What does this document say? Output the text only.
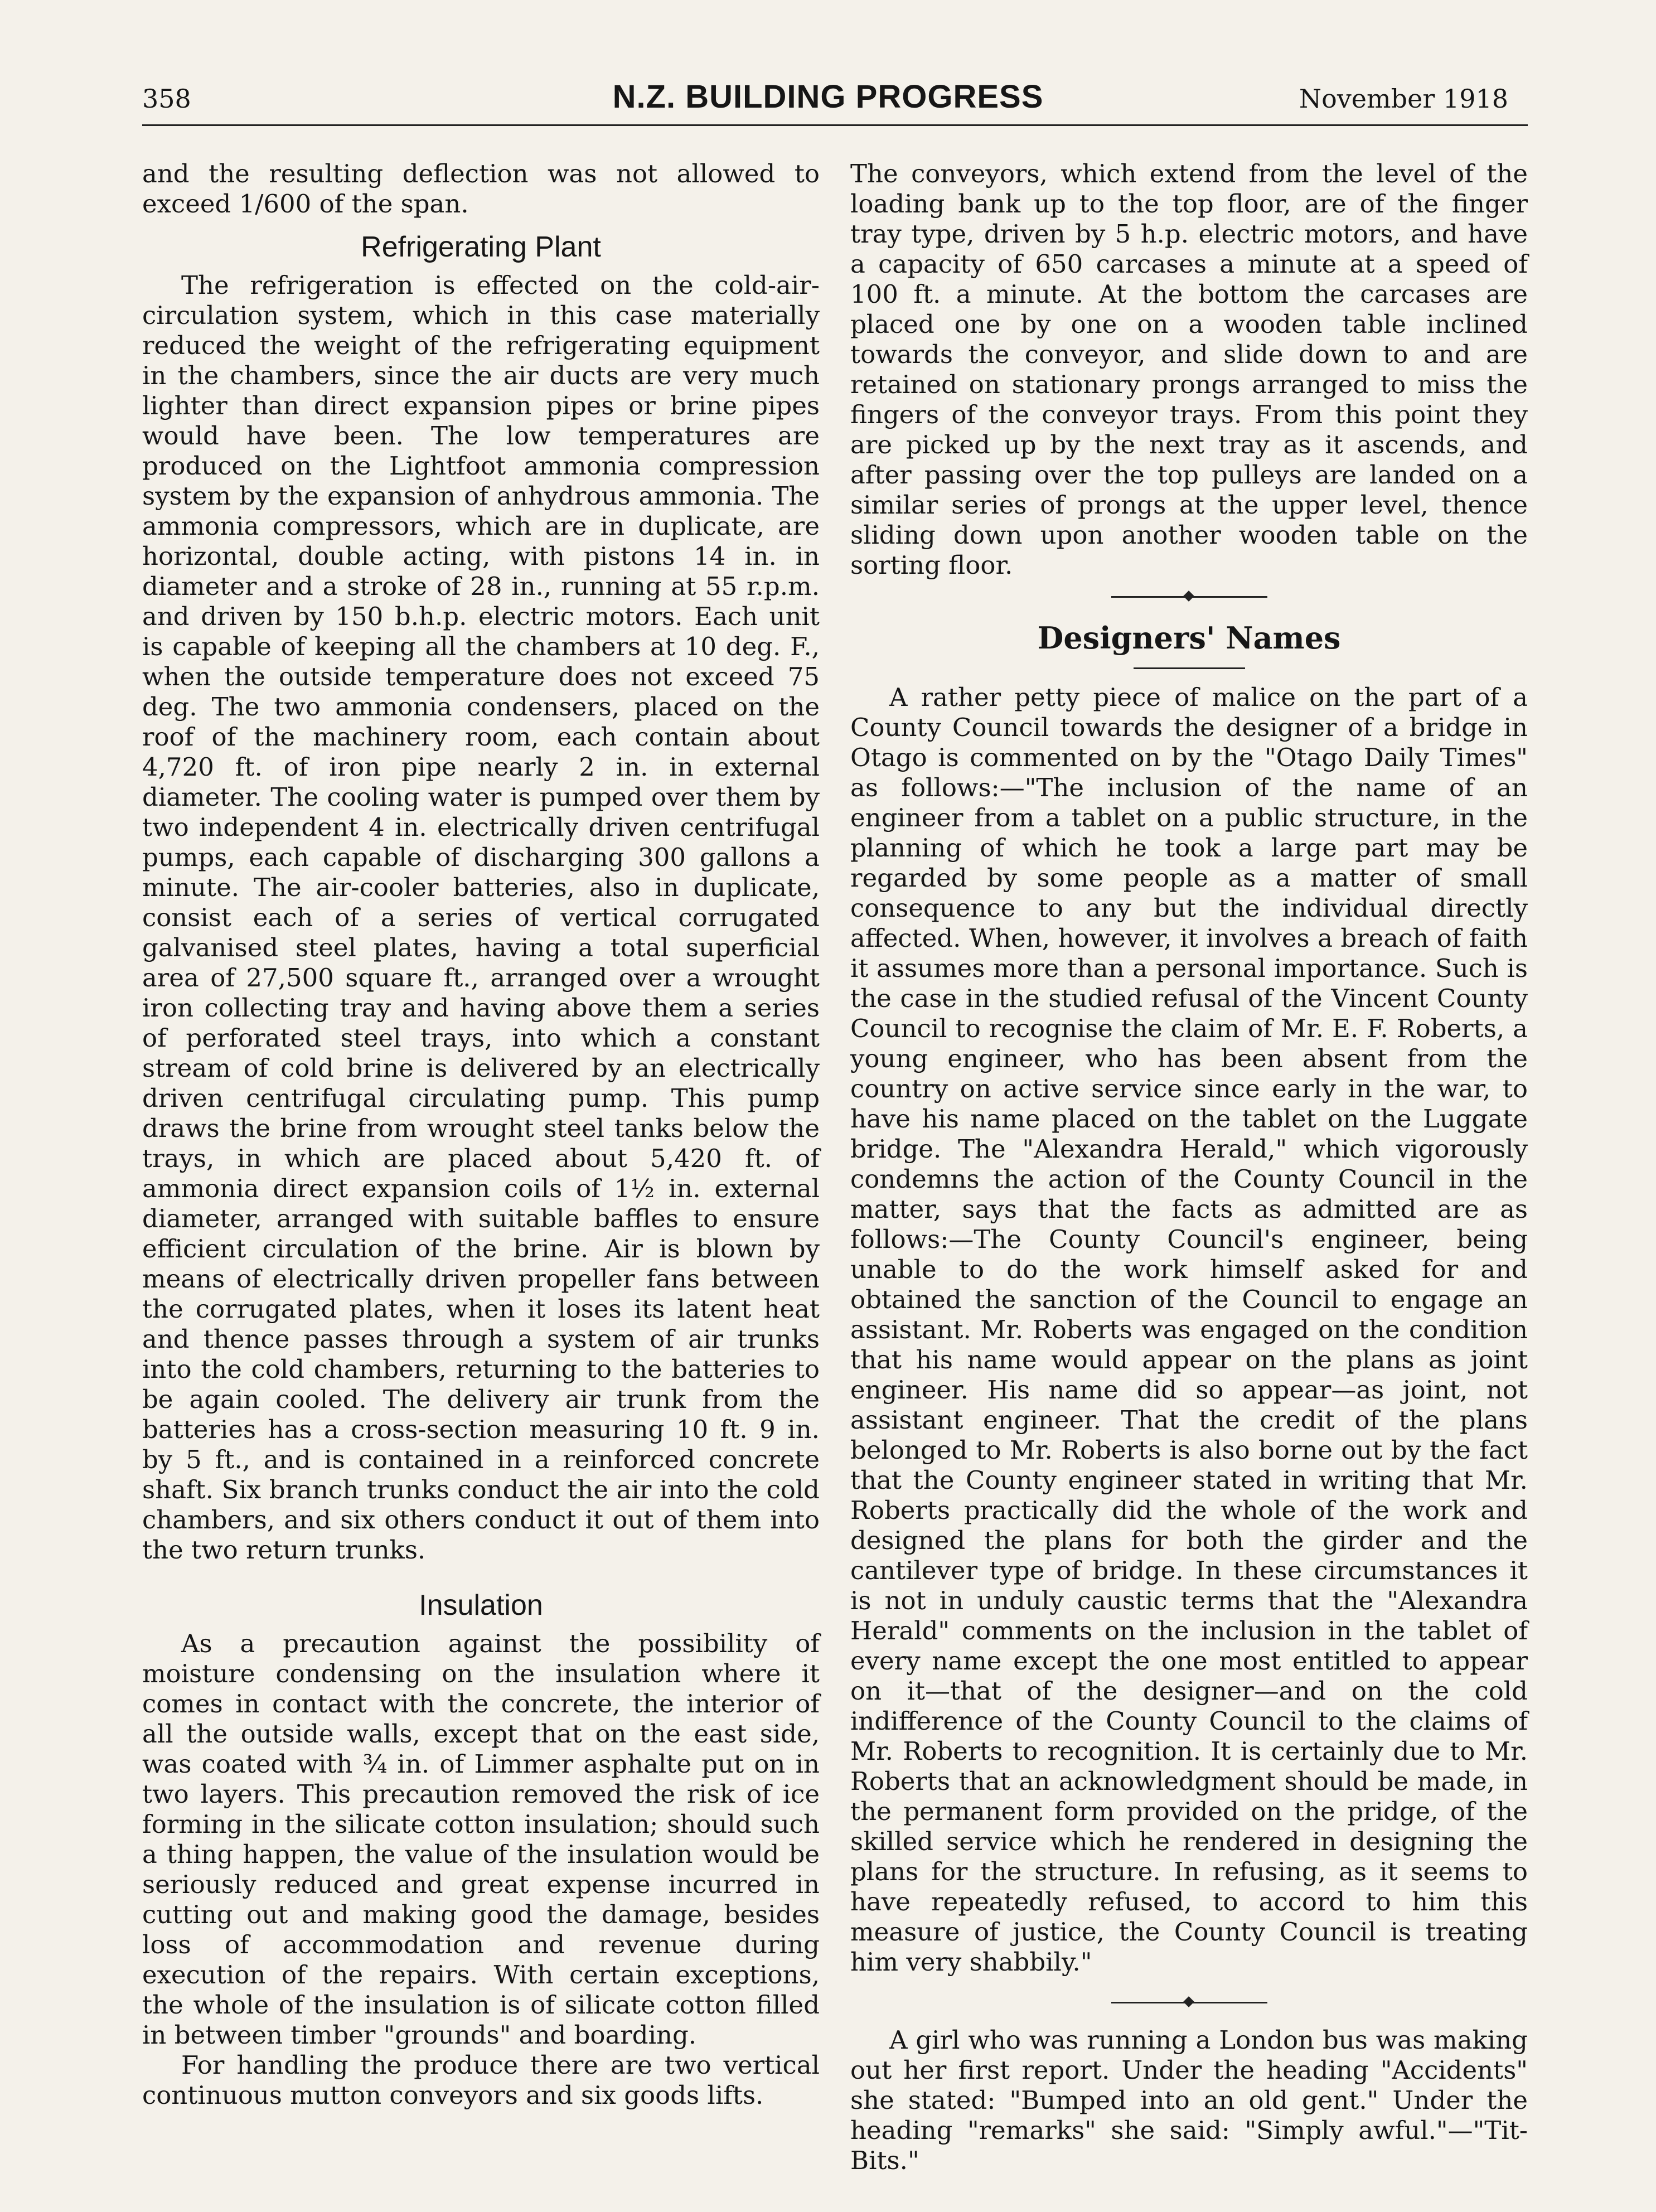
358	N.Z. BUILDING PROGRESS	November 1918

and the resulting deflection was not allowed to exceed 1/600 of the span.

Refrigerating Plant

The refrigeration is effected on the cold-air-circulation system, which in this case materially reduced the weight of the refrigerating equipment in the chambers, since the air ducts are very much lighter than direct expansion pipes or brine pipes would have been. The low temperatures are produced on the Lightfoot ammonia compression system by the expansion of anhydrous ammonia. The ammonia compressors, which are in duplicate, are horizontal, double acting, with pistons 14 in. in diameter and a stroke of 28 in., running at 55 r.p.m. and driven by 150 b.h.p. electric motors. Each unit is capable of keeping all the chambers at 10 deg. F., when the outside temperature does not exceed 75 deg. The two ammonia condensers, placed on the roof of the machinery room, each contain about 4,720 ft. of iron pipe nearly 2 in. in external diameter. The cooling water is pumped over them by two independent 4 in. electrically driven centrifugal pumps, each capable of discharging 300 gallons a minute. The air-cooler batteries, also in duplicate, consist each of a series of vertical corrugated galvanised steel plates, having a total superficial area of 27,500 square ft., arranged over a wrought iron collecting tray and having above them a series of perforated steel trays, into which a constant stream of cold brine is delivered by an electrically driven centrifugal circulating pump. This pump draws the brine from wrought steel tanks below the trays, in which are placed about 5,420 ft. of ammonia direct expansion coils of 1½ in. external diameter, arranged with suitable baffles to ensure efficient circulation of the brine. Air is blown by means of electrically driven propeller fans between the corrugated plates, when it loses its latent heat and thence passes through a system of air trunks into the cold chambers, returning to the batteries to be again cooled. The delivery air trunk from the batteries has a cross-section measuring 10 ft. 9 in. by 5 ft., and is contained in a reinforced concrete shaft. Six branch trunks conduct the air into the cold chambers, and six others conduct it out of them into the two return trunks.

Insulation

As a precaution against the possibility of moisture condensing on the insulation where it comes in contact with the concrete, the interior of all the outside walls, except that on the east side, was coated with ¾ in. of Limmer asphalte put on in two layers. This precaution removed the risk of ice forming in the silicate cotton insulation; should such a thing happen, the value of the insulation would be seriously reduced and great expense incurred in cutting out and making good the damage, besides loss of accommodation and revenue during execution of the repairs. With certain exceptions, the whole of the insulation is of silicate cotton filled in between timber "grounds" and boarding.

For handling the produce there are two vertical continuous mutton conveyors and six goods lifts.

The conveyors, which extend from the level of the loading bank up to the top floor, are of the finger tray type, driven by 5 h.p. electric motors, and have a capacity of 650 carcases a minute at a speed of 100 ft. a minute. At the bottom the carcases are placed one by one on a wooden table inclined towards the conveyor, and slide down to and are retained on stationary prongs arranged to miss the fingers of the conveyor trays. From this point they are picked up by the next tray as it ascends, and after passing over the top pulleys are landed on a similar series of prongs at the upper level, thence sliding down upon another wooden table on the sorting floor.

Designers' Names

A rather petty piece of malice on the part of a County Council towards the designer of a bridge in Otago is commented on by the "Otago Daily Times" as follows:—"The inclusion of the name of an engineer from a tablet on a public structure, in the planning of which he took a large part may be regarded by some people as a matter of small consequence to any but the individual directly affected. When, however, it involves a breach of faith it assumes more than a personal importance. Such is the case in the studied refusal of the Vincent County Council to recognise the claim of Mr. E. F. Roberts, a young engineer, who has been absent from the country on active service since early in the war, to have his name placed on the tablet on the Luggate bridge. The "Alexandra Herald," which vigorously condemns the action of the County Council in the matter, says that the facts as admitted are as follows:—The County Council's engineer, being unable to do the work himself asked for and obtained the sanction of the Council to engage an assistant. Mr. Roberts was engaged on the condition that his name would appear on the plans as joint engineer. His name did so appear—as joint, not assistant engineer. That the credit of the plans belonged to Mr. Roberts is also borne out by the fact that the County engineer stated in writing that Mr. Roberts practically did the whole of the work and designed the plans for both the girder and the cantilever type of bridge. In these circumstances it is not in unduly caustic terms that the "Alexandra Herald" comments on the inclusion in the tablet of every name except the one most entitled to appear on it—that of the designer—and on the cold indifference of the County Council to the claims of Mr. Roberts to recognition. It is certainly due to Mr. Roberts that an acknowledgment should be made, in the permanent form provided on the pridge, of the skilled service which he rendered in designing the plans for the structure. In refusing, as it seems to have repeatedly refused, to accord to him this measure of justice, the County Council is treating him very shabbily."

A girl who was running a London bus was making out her first report. Under the heading "Accidents" she stated: "Bumped into an old gent." Under the heading "remarks" she said: "Simply awful."—"Tit-Bits."
